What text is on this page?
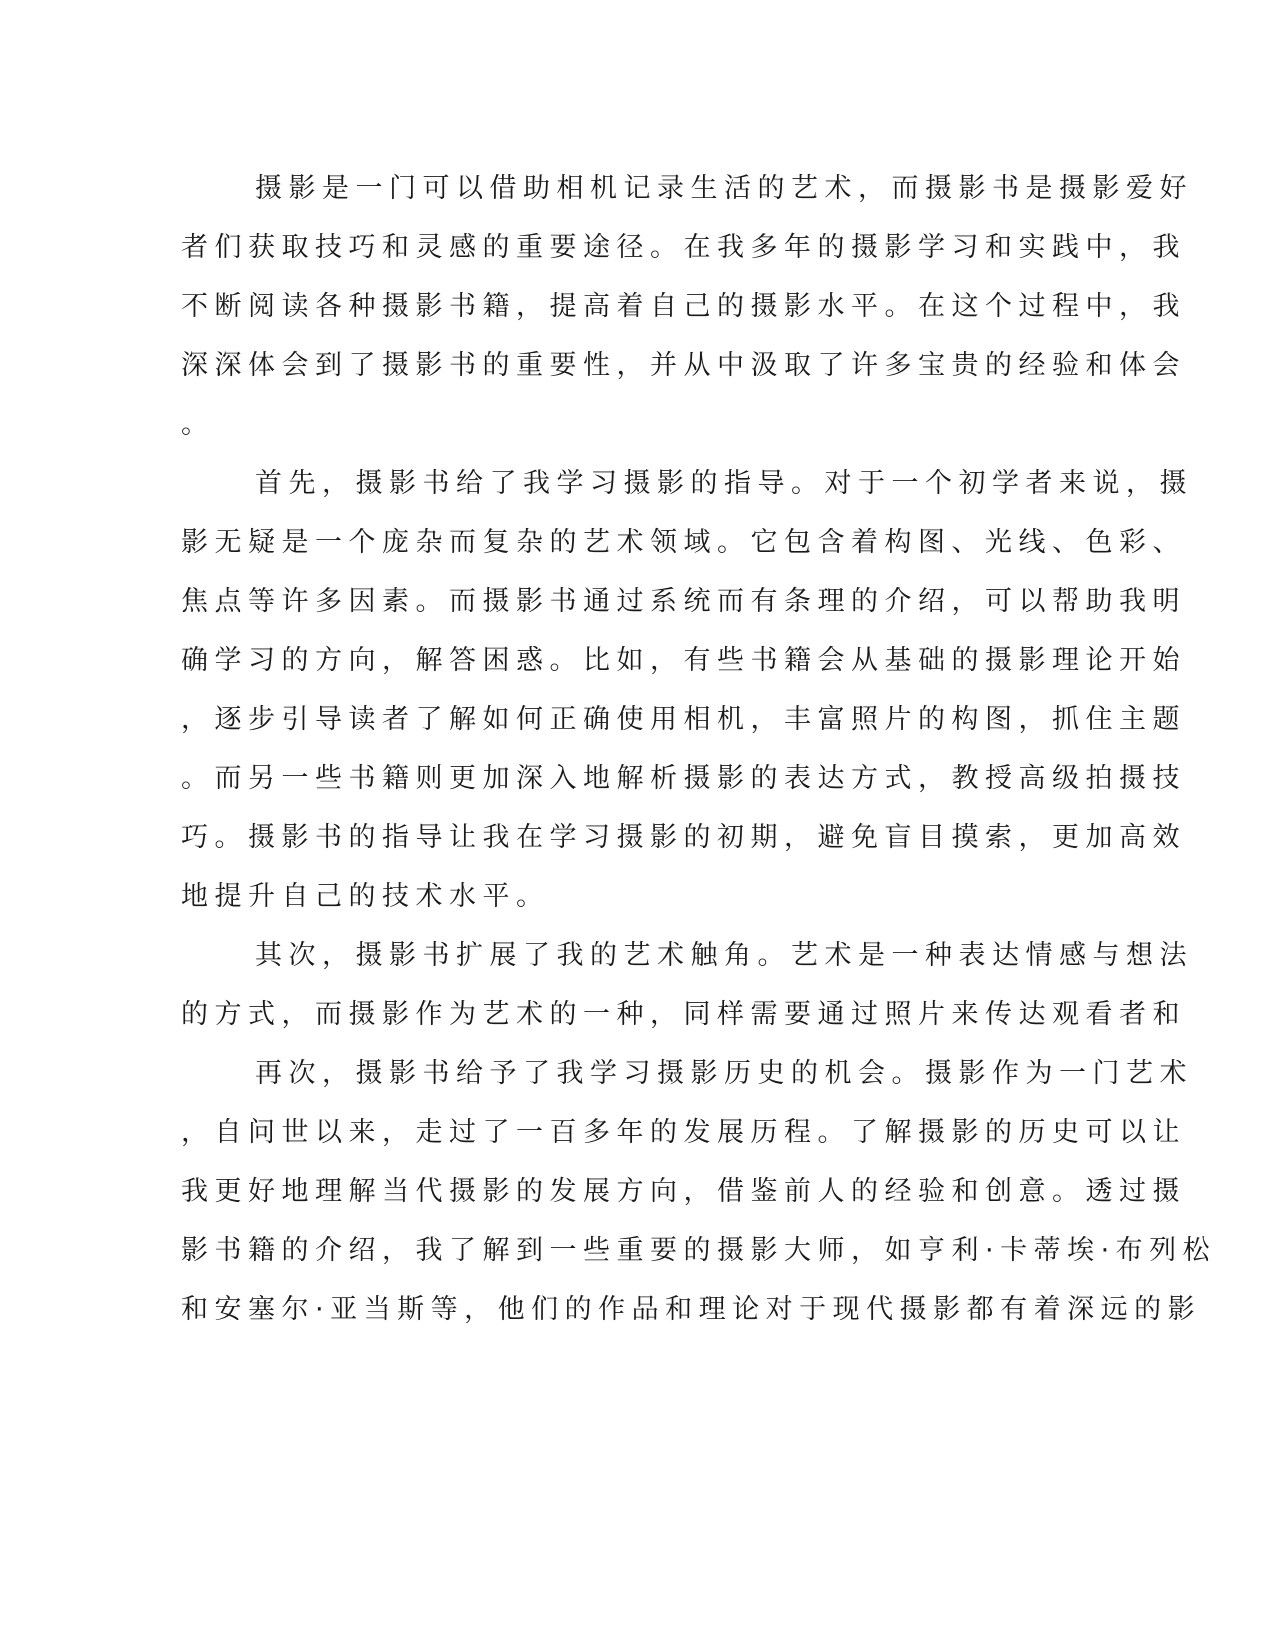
摄影是一门可以借助相机记录生活的艺术，而摄影书是摄影爱好
者们获取技巧和灵感的重要途径。在我多年的摄影学习和实践中，我
不断阅读各种摄影书籍，提高着自己的摄影水平。在这个过程中，我
深深体会到了摄影书的重要性，并从中汲取了许多宝贵的经验和体会
。
首先，摄影书给了我学习摄影的指导。对于一个初学者来说，摄
影无疑是一个庞杂而复杂的艺术领域。它包含着构图、光线、色彩、
焦点等许多因素。而摄影书通过系统而有条理的介绍，可以帮助我明
确学习的方向，解答困惑。比如，有些书籍会从基础的摄影理论开始
，逐步引导读者了解如何正确使用相机，丰富照片的构图，抓住主题
。而另一些书籍则更加深入地解析摄影的表达方式，教授高级拍摄技
巧。摄影书的指导让我在学习摄影的初期，避免盲目摸索，更加高效
地提升自己的技术水平。
其次，摄影书扩展了我的艺术触角。艺术是一种表达情感与想法
的方式，而摄影作为艺术的一种，同样需要通过照片来传达观看者和
再次，摄影书给予了我学习摄影历史的机会。摄影作为一门艺术
，自问世以来，走过了一百多年的发展历程。了解摄影的历史可以让
我更好地理解当代摄影的发展方向，借鉴前人的经验和创意。透过摄
影书籍的介绍，我了解到一些重要的摄影大师，如亨利·卡蒂埃·布列松
和安塞尔·亚当斯等，他们的作品和理论对于现代摄影都有着深远的影
